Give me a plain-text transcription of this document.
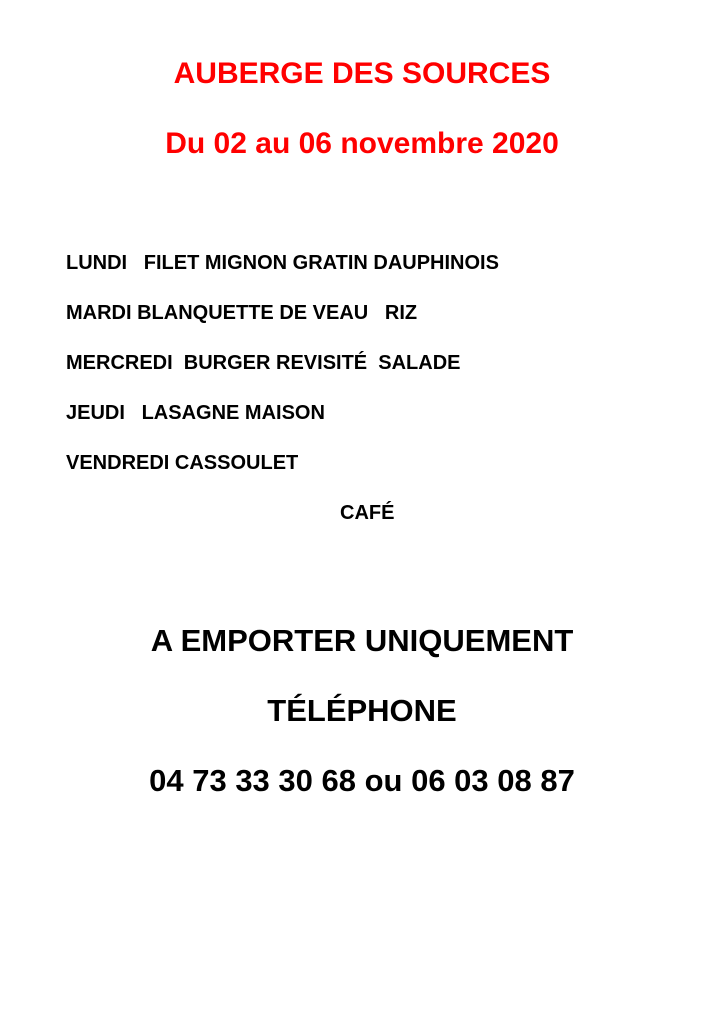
AUBERGE DES SOURCES
Du 02 au 06 novembre 2020

LUNDI   FILET MIGNON GRATIN DAUPHINOIS

MARDI BLANQUETTE DE VEAU   RIZ

MERCREDI  BURGER REVISITÉ  SALADE

JEUDI   LASAGNE MAISON

VENDREDI CASSOULET

CAFÉ

A EMPORTER UNIQUEMENT

TÉLÉPHONE

04 73 33 30 68 ou 06 03 08 87
